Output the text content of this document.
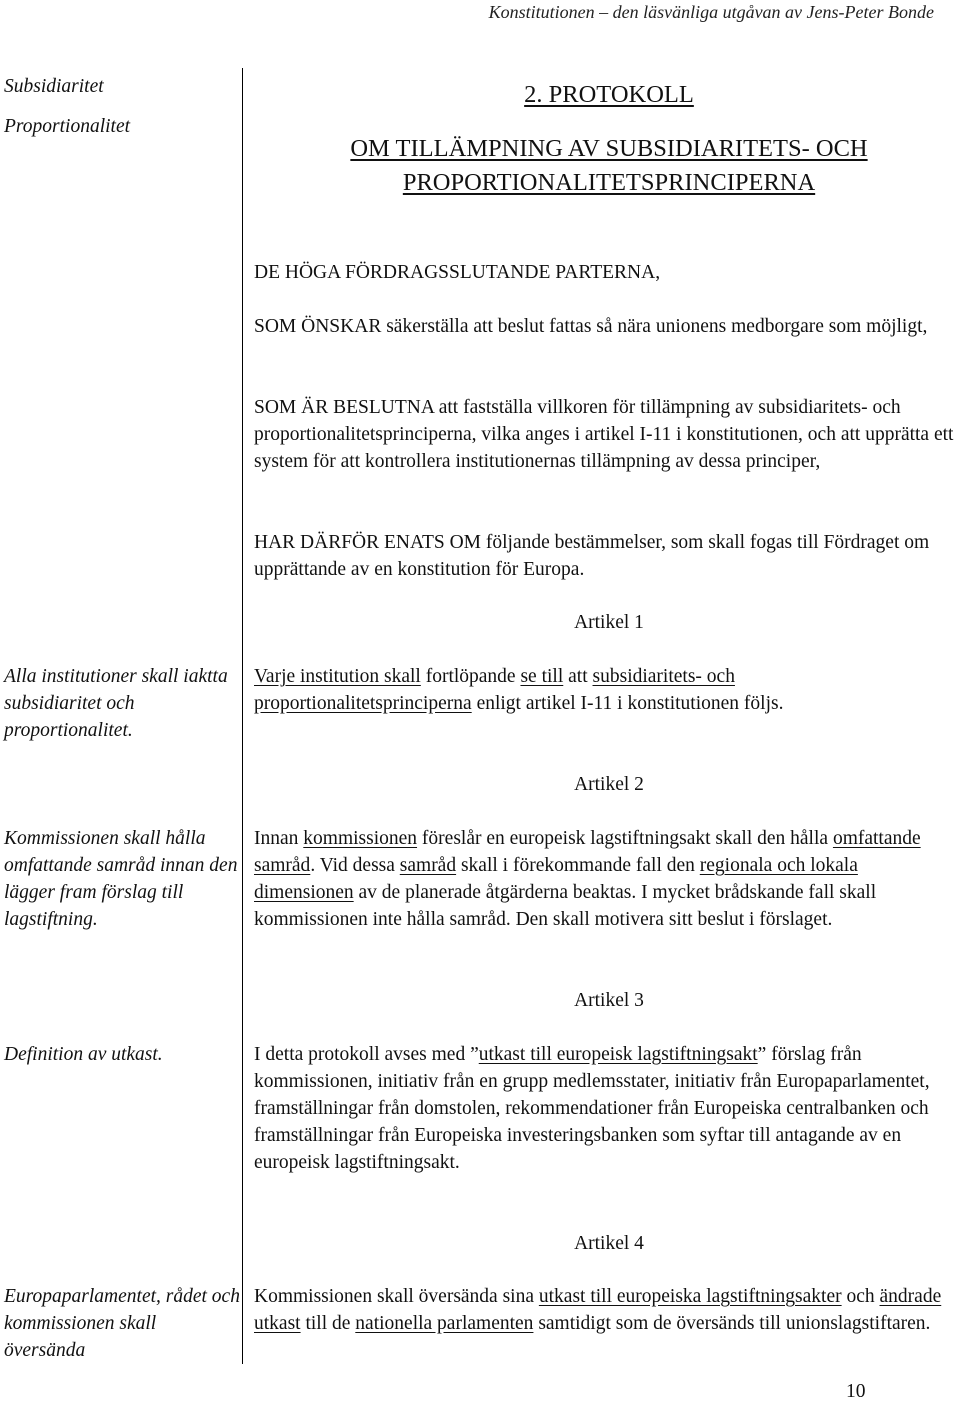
Konstitutionen – den läsvänliga utgåvan av Jens-Peter Bonde
Subsidiaritet
Proportionalitet
2. PROTOKOLL
OM TILLÄMPNING AV SUBSIDIARITETS- OCH
PROPORTIONALITETSPRINCIPERNA
DE HÖGA FÖRDRAGSSLUTANDE PARTERNA,
SOM ÖNSKAR säkerställa att beslut fattas så nära unionens medborgare som möjligt,
SOM ÄR BESLUTNA att fastställa villkoren för tillämpning av subsidiaritets- och proportionalitetsprinciperna, vilka anges i artikel I-11 i konstitutionen, och att upprätta ett system för att kontrollera institutionernas tillämpning av dessa principer,
HAR DÄRFÖR ENATS OM följande bestämmelser, som skall fogas till Fördraget om upprättande av en konstitution för Europa.
Artikel 1
Alla institutioner skall iaktta subsidiaritet och proportionalitet.
Varje institution skall fortlöpande se till att subsidiaritets- och proportionalitetsprinciperna enligt artikel I-11 i konstitutionen följs.
Artikel 2
Kommissionen skall hålla omfattande samråd innan den lägger fram förslag till lagstiftning.
Innan kommissionen föreslår en europeisk lagstiftningsakt skall den hålla omfattande samråd. Vid dessa samråd skall i förekommande fall den regionala och lokala dimensionen av de planerade åtgärderna beaktas. I mycket brådskande fall skall kommissionen inte hålla samråd. Den skall motivera sitt beslut i förslaget.
Artikel 3
Definition av utkast.	I detta protokoll avses med ”utkast till europeisk lagstiftningsakt” förslag från kommissionen, initiativ från en grupp medlemsstater, initiativ från Europaparlamentet, framställningar från domstolen, rekommendationer från Europeiska centralbanken och framställningar från Europeiska investeringsbanken som syftar till antagande av en europeisk lagstiftningsakt.
Artikel 4
Europaparlamentet, rådet och kommissionen skall översända
Kommissionen skall översända sina utkast till europeiska lagstiftningsakter och ändrade utkast till de nationella parlamenten samtidigt som de översänds till unionslagstiftaren.
10
